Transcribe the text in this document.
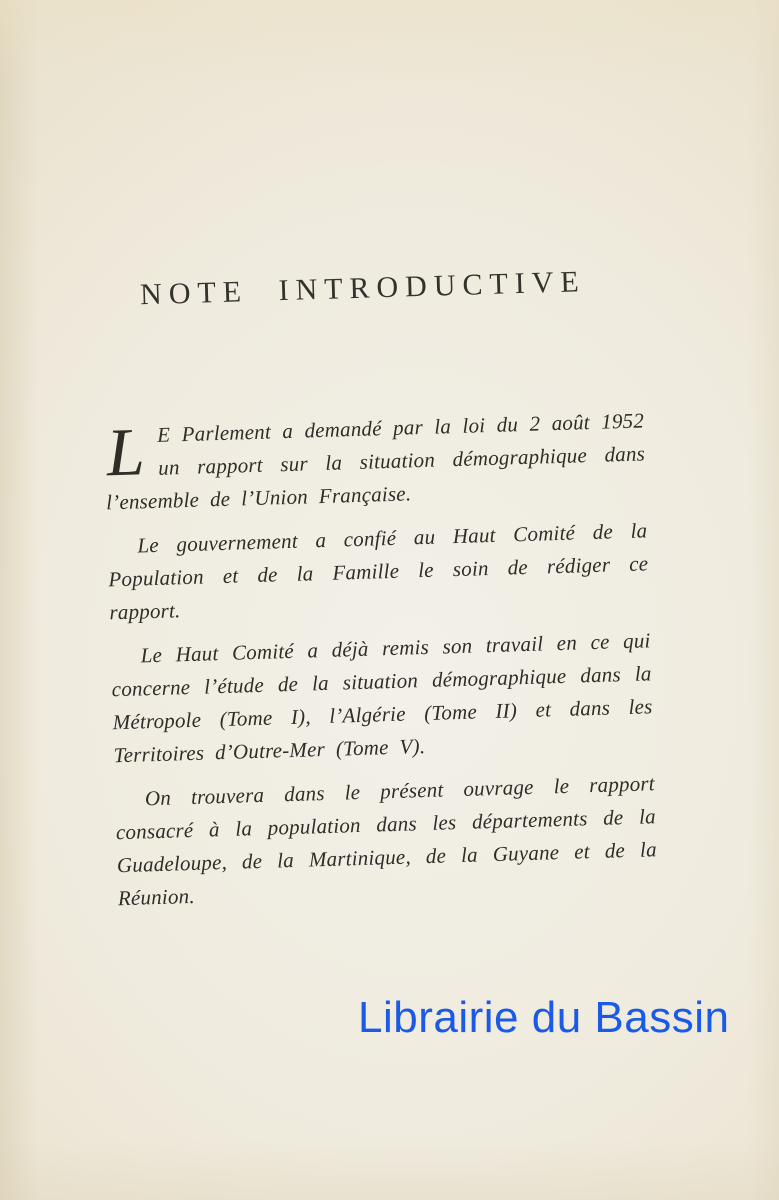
NOTE INTRODUCTIVE

L E Parlement a demandé par la loi du 2 août 1952 un rapport sur la situation démographique dans l’ensemble de l’Union Française.

Le gouvernement a confié au Haut Comité de la Population et de la Famille le soin de rédiger ce rapport.

Le Haut Comité a déjà remis son travail en ce qui concerne l’étude de la situation démographique dans la Métropole (Tome I), l’Algérie (Tome II) et dans les Territoires d’Outre-Mer (Tome V).

On trouvera dans le présent ouvrage le rapport consacré à la population dans les départements de la Guadeloupe, de la Martinique, de la Guyane et de la Réunion.

Librairie du Bassin
